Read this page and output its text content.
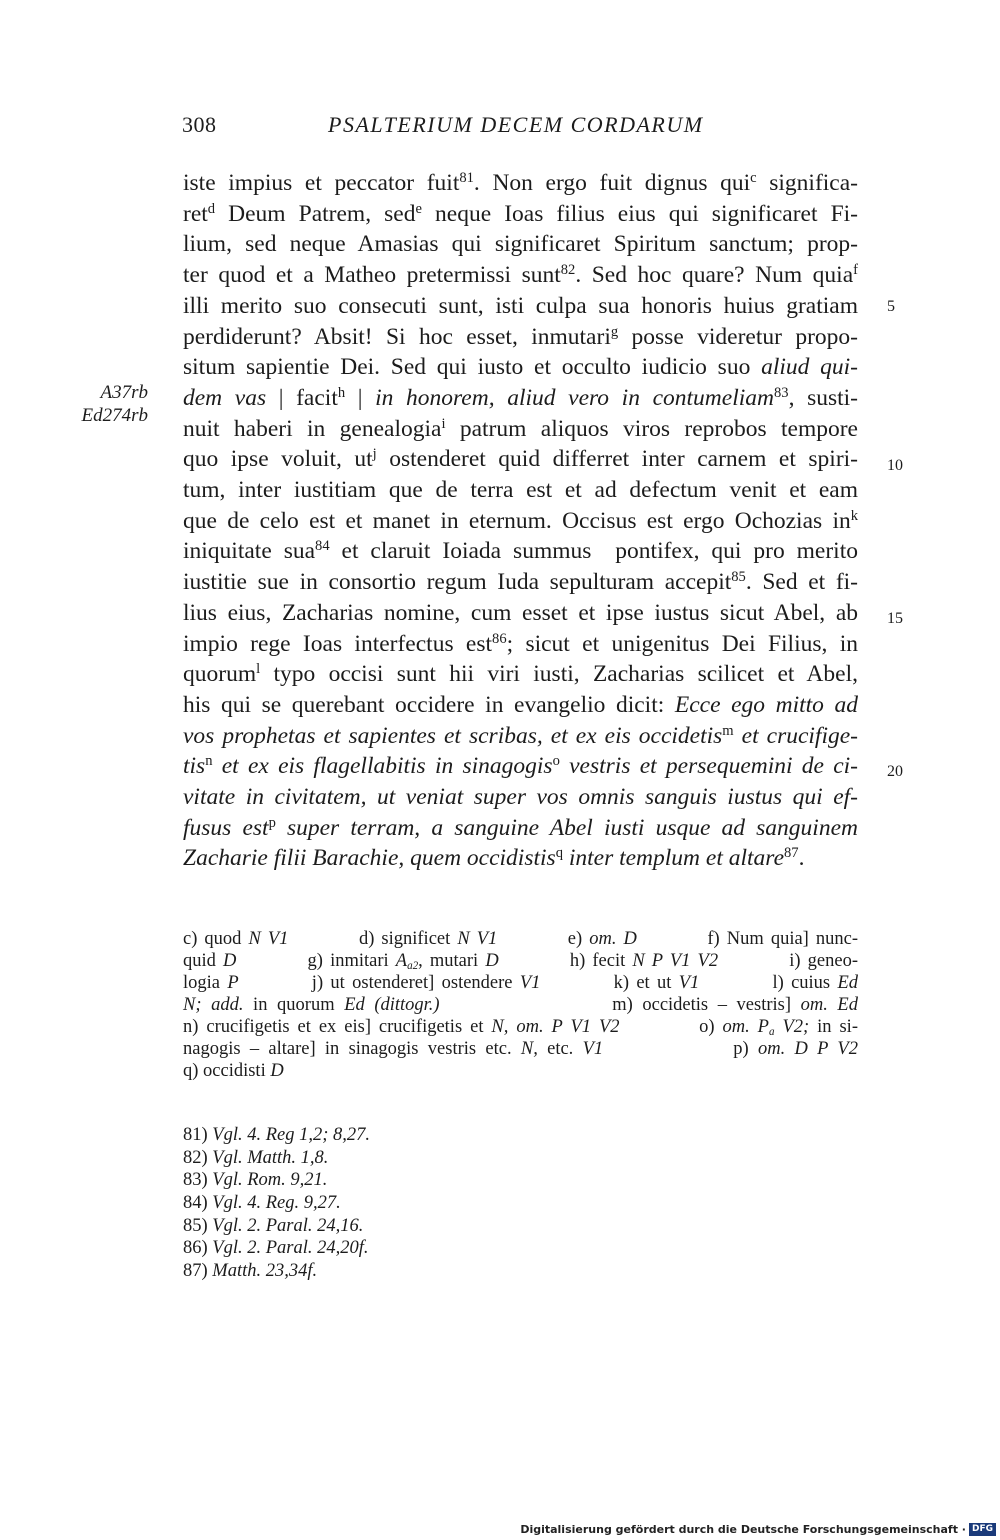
308	PSALTERIUM DECEM CORDARUM
A37rb
Ed274rb
iste impius et peccator fuit$^{81}$. Non ergo fuit dignus qui$^c$ significa-
ret$^d$ Deum Patrem, sed$^e$ neque Ioas filius eius qui significaret Fi-
lium, sed neque Amasias qui significaret Spiritum sanctum; prop-
ter quod et a Matheo pretermissi sunt$^{82}$. Sed hoc quare? Num quia$^f$
illi merito suo consecuti sunt, isti culpa sua honoris huius gratiam
perdiderunt? Absit! Si hoc esset, inmutari$^g$ posse videretur propo-
situm sapientie Dei. Sed qui iusto et occulto iudicio suo aliud qui-
dem vas | facit$^h$ | in honorem, aliud vero in contumeliam$^{83}$, susti-
nuit haberi in genealogia$^i$ patrum aliquos viros reprobos tempore
quo ipse voluit, $ut^j$ ostenderet quid differret inter carnem et spiri-
tum, inter iustitiam que de terra est et ad defectum venit et eam
que de celo est et manet in eternum. Occisus est ergo Ochozias $in^k$
iniquitate sua$^{84}$ et claruit Ioiada summus  pontifex, qui pro merito
iustitie sue in consortio regum Iuda sepulturam accepit$^{85}$. Sed et fi-
lius eius, Zacharias nomine, cum esset et ipse iustus sicut Abel, ab
impio rege Ioas interfectus est$^{86}$; sicut et unigenitus Dei Filius, in
quorum$^l$ typo occisi sunt hii viri iusti, Zacharias scilicet et Abel,
his qui se querebant occidere in evangelio dicit: Ecce ego mitto ad
vos prophetas et sapientes et scribas, et ex eis occidetis$^m$ et crucifige-
tis$^n$ et ex eis flagellabitis in sinagogis$^o$ vestris et persequemini de ci-
vitate in civitatem, ut veniat super vos omnis sanguis iustus qui ef-
fusus est$^p$ super terram, a sanguine Abel iusti usque ad sanguinem
Zacharie filii Barachie, quem occidistis$^q$ inter templum et altare$^{87}$.
5
10
15
20
c) quod N V1          d) significet N V1          e) om. D          f) Num quia] nunc-
quid D          g) inmitari $A_{a2}$, mutari D          h) fecit N P V1 V2          i) geneo-
logia P          j) ut ostenderet] ostendere V1          k) et ut V1          l) cuius Ed
N; add. in quorum Ed (dittogr.)                  m) occidetis – vestris] om. Ed
n) crucifigetis et ex eis] crucifigetis et N, om. P V1 V2          o) om. $P_a$ V2; in si-
nagogis – altare] in sinagogis vestris etc. N, etc. V1              p) om. D P V2
q) occidisti D
81) Vgl. 4. Reg 1,2; 8,27.
82) Vgl. Matth. 1,8.
83) Vgl. Rom. 9,21.
84) Vgl. 4. Reg. 9,27.
85) Vgl. 2. Paral. 24,16.
86) Vgl. 2. Paral. 24,20f.
87) Matth. 23,34f.
Digitalisierung gefördert durch die Deutsche Forschungsgemeinschaft · DFG
